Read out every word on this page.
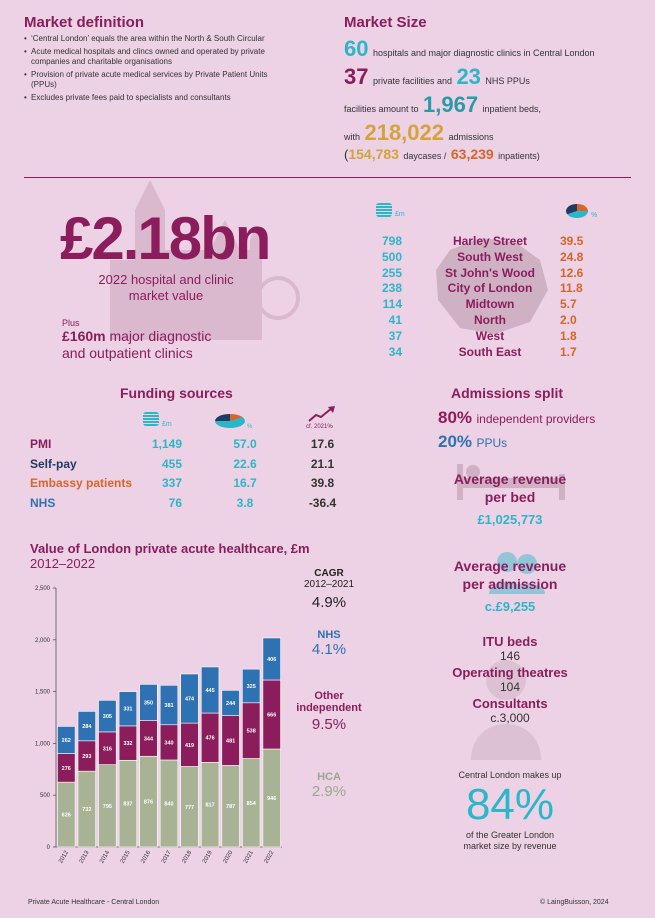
Market definition
• ‘Central London’ equals the area within the North & South Circular
• Acute medical hospitals and clincs owned and operated by private companies and charitable organisations
• Provision of private acute medical services by Private Patient Units (PPUs)
• Excludes private fees paid to specialists and consultants
Market Size
60 hospitals and major diagnostic clinics in Central London
37 private facilities and 23 NHS PPUs
facilities amount to 1,967 inpatient beds,
with 218,022 admissions
(154,783 daycases / 63,239 inpatients)
£2.18bn
2022 hospital and clinic
market value
Plus
£160m major diagnostic
and outpatient clinics
£m	%
798	Harley Street	39.5
500	South West	24.8
255	St John's Wood	12.6
238	City of London	11.8
114	Midtown	5.7
41	North	2.0
37	West	1.8
34	South East	1.7
Funding sources
£m	%	cf. 2021%
PMI	1,149	57.0	17.6
Self-pay	455	22.6	21.1
Embassy patients	337	16.7	39.8
NHS	76	3.8	-36.4
Admissions split
80% independent providers
20% PPUs
Average revenue
per bed
£1,025,773
Average revenue
per admission
c.£9,255
ITU beds
146
Operating theatres
104
Consultants
c.3,000
Central London makes up
84%
of the Greater London
market size by revenue
Value of London private acute healthcare, £m
2012–2022
0
500
1,000
1,500
2,000
2,500
626
276
262
2012
732
293
284
2013
795
316
305
2014
837
332
331
2015
876
344
350
2016
840
340
381
2017
777
419
474
2018
817
476
445
2019
787
481
244
2020
854
538
325
2021
946
666
406
2022
CAGR
2012–2021
4.9%
NHS
4.1%
Other
independent
9.5%
HCA
2.9%
Private Acute Healthcare - Central London	© LaingBuisson, 2024
